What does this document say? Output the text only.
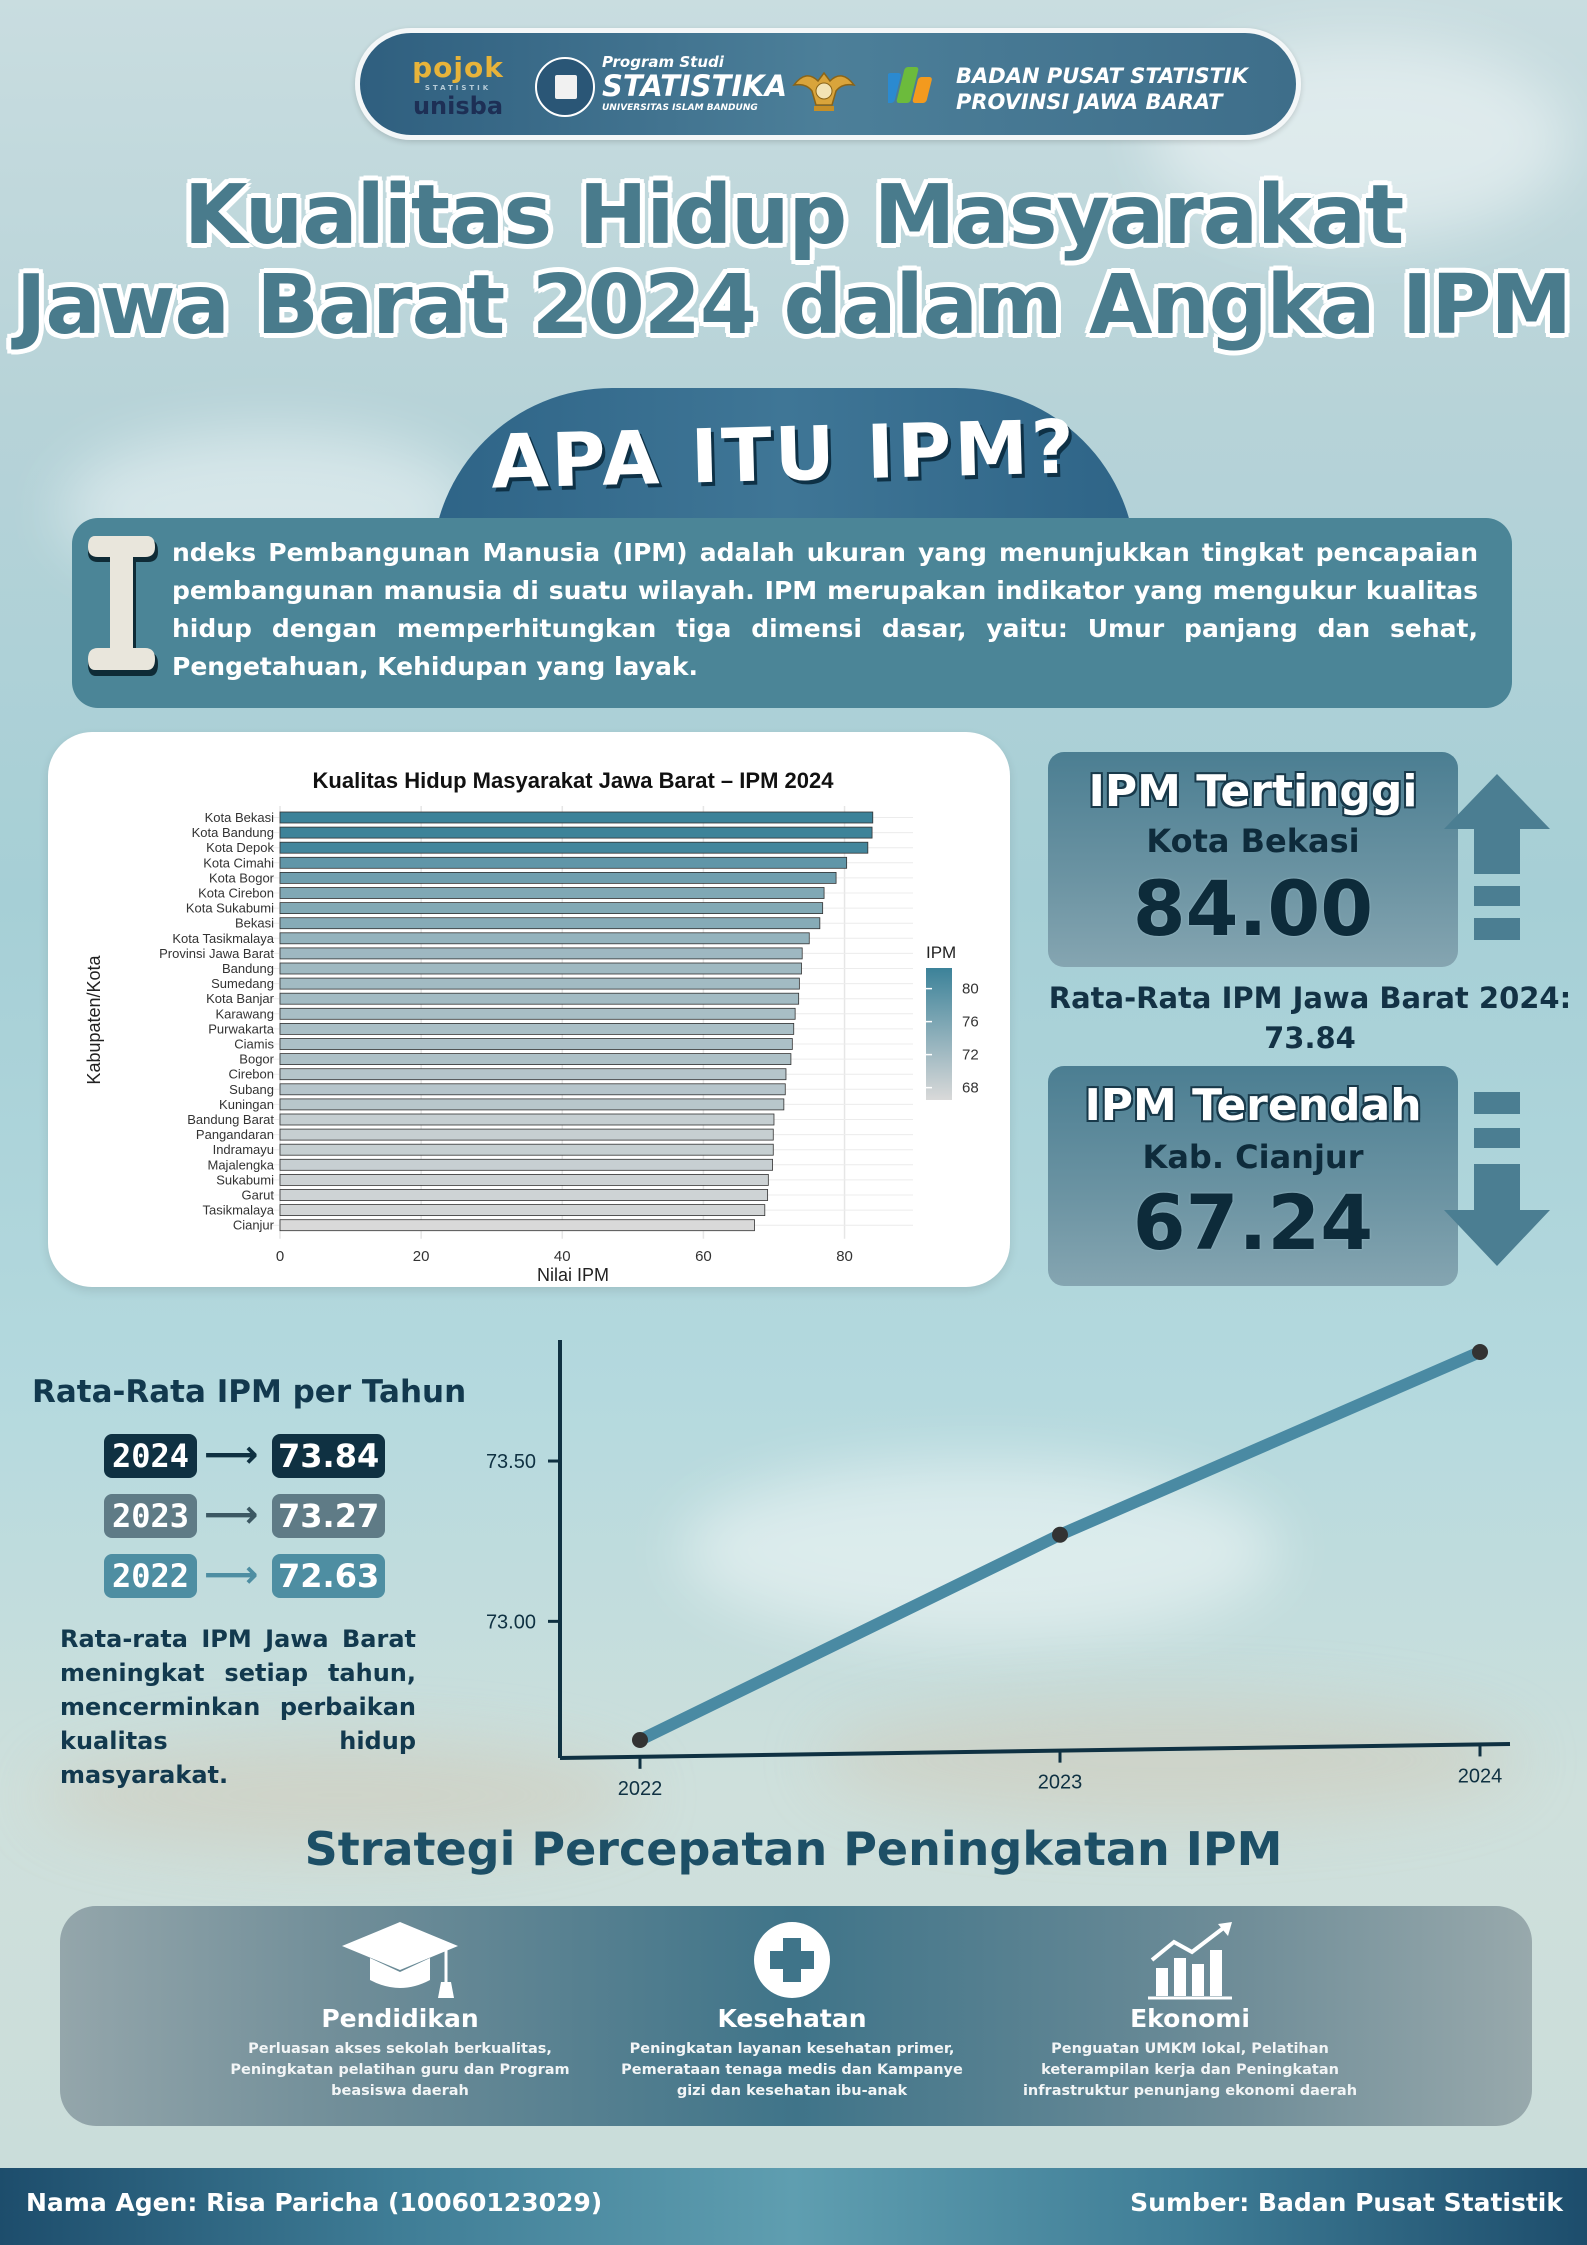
pojok
STATISTIK
unisba
Program Studi
STATISTIKA
UNIVERSITAS ISLAM BANDUNG
BADAN PUSAT STATISTIK
PROVINSI JAWA BARAT
Kualitas Hidup Masyarakat
Jawa Barat 2024 dalam Angka IPM
APA ITU IPM?
ndeks Pembangunan Manusia (IPM) adalah ukuran yang menunjukkan tingkat pencapaian pembangunan manusia di suatu wilayah. IPM merupakan indikator yang mengukur kualitas hidup dengan memperhitungkan tiga dimensi dasar, yaitu: Umur panjang dan sehat, Pengetahuan, Kehidupan yang layak.
Kualitas Hidup Masyarakat Jawa Barat – IPM 2024
Kota Bekasi
Kota Bandung
Kota Depok
Kota Cimahi
Kota Bogor
Kota Cirebon
Kota Sukabumi
Bekasi
Kota Tasikmalaya
Provinsi Jawa Barat
Bandung
Sumedang
Kota Banjar
Karawang
Purwakarta
Ciamis
Bogor
Cirebon
Subang
Kuningan
Bandung Barat
Pangandaran
Indramayu
Majalengka
Sukabumi
Garut
Tasikmalaya
Cianjur
0	20	40	60	80
Nilai IPM
Kabupaten/Kota
IPM
80
76
72
68
IPM Tertinggi
Kota Bekasi
84.00
Rata-Rata IPM Jawa Barat 2024:
73.84
IPM Terendah
Kab. Cianjur
67.24
Rata-Rata IPM per Tahun
2024 ⟶ 73.84
2023 ⟶ 73.27
2022 ⟶ 72.63
Rata-rata IPM Jawa Barat meningkat setiap tahun, mencerminkan perbaikan kualitas hidup masyarakat.
73.00
73.50
2022	2023	2024
Strategi Percepatan Peningkatan IPM
Pendidikan
Perluasan akses sekolah berkualitas, Peningkatan pelatihan guru dan Program beasiswa daerah
Kesehatan
Peningkatan layanan kesehatan primer, Pemerataan tenaga medis dan Kampanye gizi dan kesehatan ibu-anak
Ekonomi
Penguatan UMKM lokal, Pelatihan keterampilan kerja dan Peningkatan infrastruktur penunjang ekonomi daerah
Nama Agen: Risa Paricha (10060123029)	Sumber: Badan Pusat Statistik
